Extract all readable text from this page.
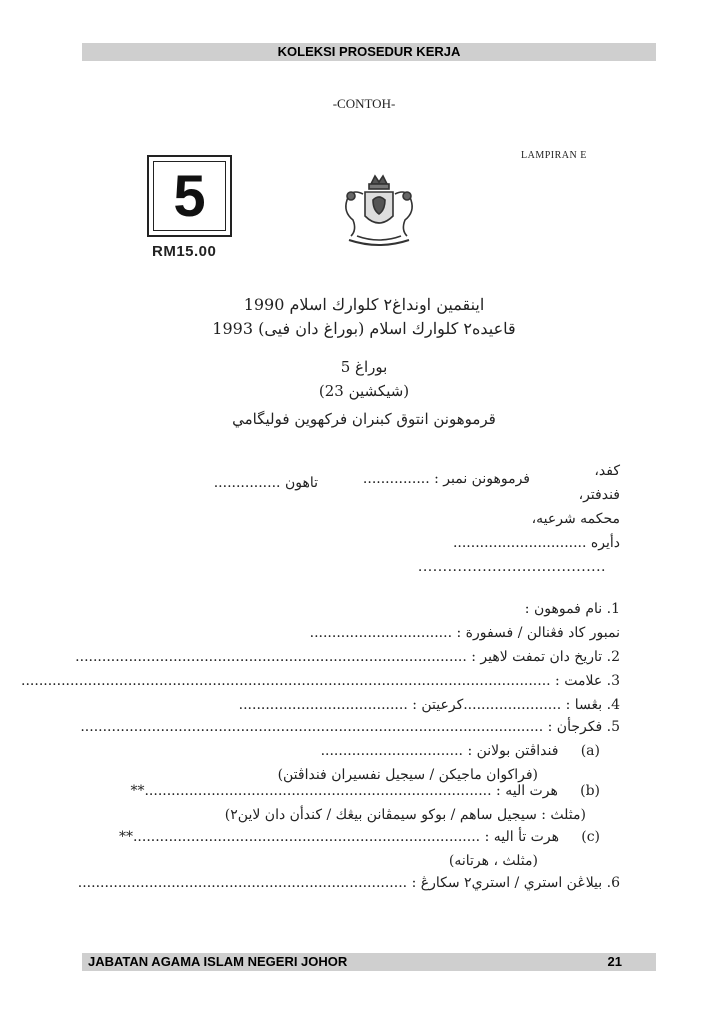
KOLEKSI PROSEDUR KERJA
-CONTOH-
LAMPIRAN E
5
RM15.00
اينقمين اونداغ٢ كلوارك اسلام 1990
قاعيده٢ كلوارك اسلام (بوراغ دان فيى) 1993
بوراغ 5
(شيكشين 23)
قرموهونن انتوق كبنران فركهوين فوليگامي
كفد،
فرموهونن نمبر : ...............
تاهون ...............
فندفتر،
محكمه شرعيه،
دأيره ..............................
......................................
1. نام فموهون :
نمبور كاد فڠنالن / فسفورة : ................................
2. تاريخ دان تمفت لاهير : ........................................................................................
3. علامت : .......................................................................................................................
4. بڠسا : ......................كرعيتن : ......................................
5. فكرجأن : ........................................................................................................
(a)     فنداڤتن بولانن : ................................
(فراكوان ماجيكن / سيجيل نفسيران فنداڤتن)
(b)     هرت اليه : ..............................................................................**
(مثلث : سيجيل ساهم / بوكو سيمڤانن بيڠك / كندأن دان لاين٢)
(c)     هرت تأ اليه : ..............................................................................**
(مثلث ، هرتانه)
6. بيلاڠن استري / استري٢ سكارڠ : ..........................................................................
JABATAN AGAMA ISLAM NEGERI JOHOR	21
